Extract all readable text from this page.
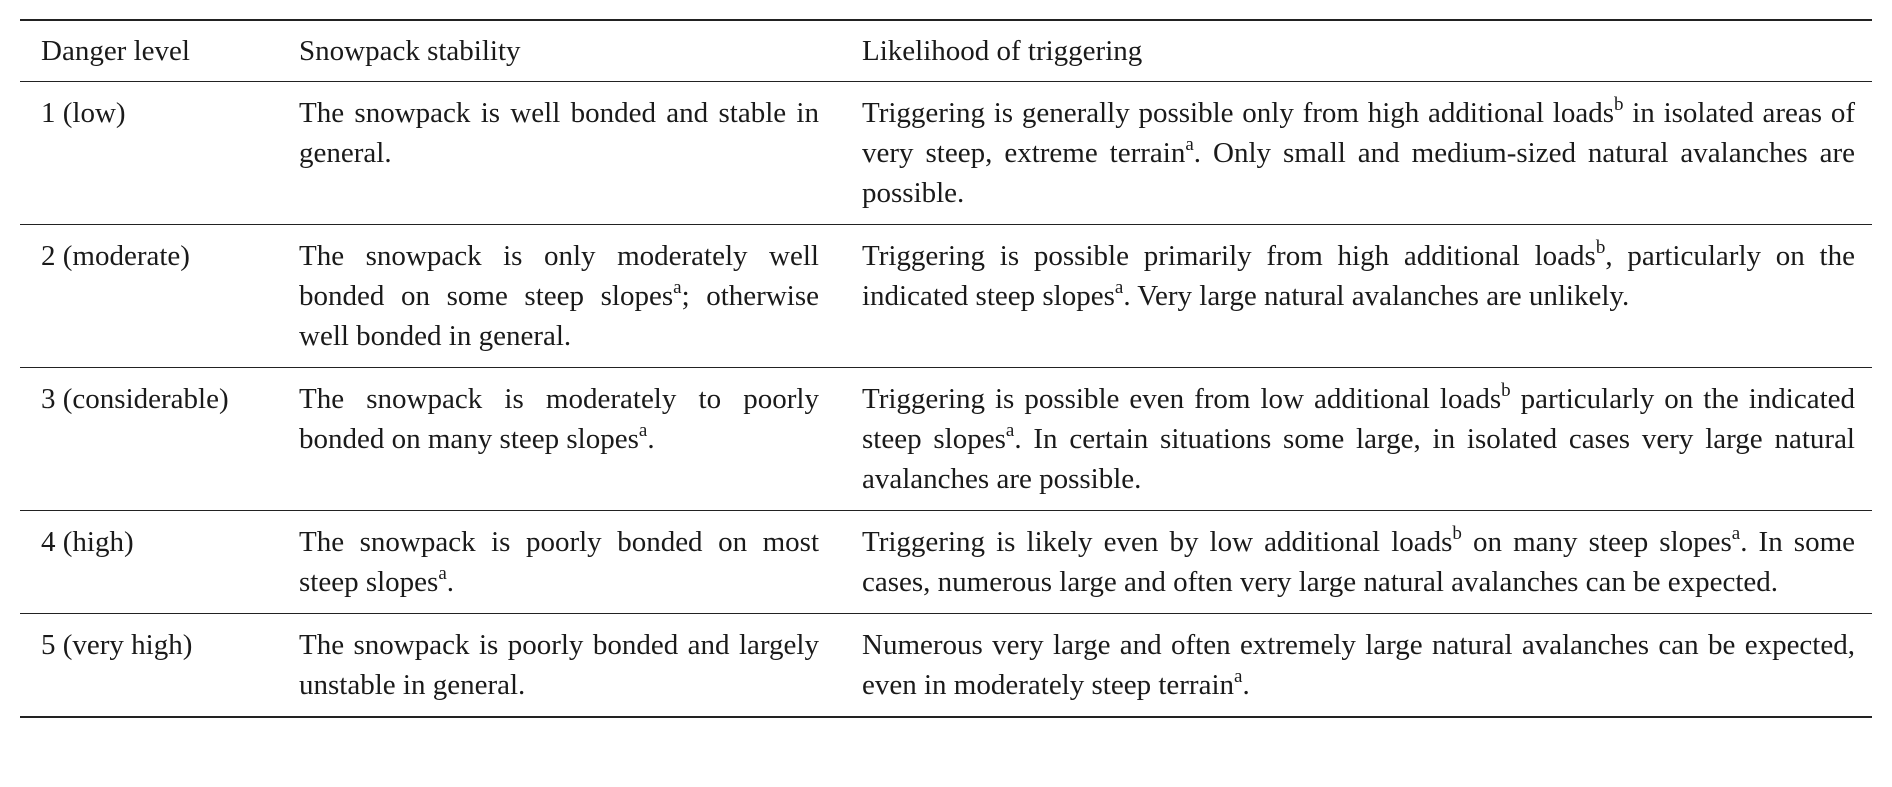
Danger level	Snowpack stability	Likelihood of triggering
1 (low)	The snowpack is well bonded and stable in general.	Triggering is generally possible only from high additional loads$^b$ in isolated areas of very steep, extreme terrain$^a$. Only small and medium-sized natural avalanches are possible.

2 (moderate)	The snowpack is only moderately well bonded on some steep slopes$^a$; otherwise well bonded in general.	Triggering is possible primarily from high additional loads$^b$, particularly on the indicated steep slopes$^a$. Very large natural avalanches are unlikely.

3 (considerable)	The snowpack is moderately to poorly bonded on many steep slopes$^a$.	Triggering is possible even from low additional loads$^b$ particularly on the indicated steep slopes$^a$. In certain situations some large, in isolated cases very large natural avalanches are possible.

4 (high)	The snowpack is poorly bonded on most steep slopes$^a$.	Triggering is likely even by low additional loads$^b$ on many steep slopes$^a$. In some cases, numerous large and often very large natural avalanches can be expected.

5 (very high)	The snowpack is poorly bonded and largely unstable in general.	Numerous very large and often extremely large natural avalanches can be expected, even in moderately steep terrain$^a$.
